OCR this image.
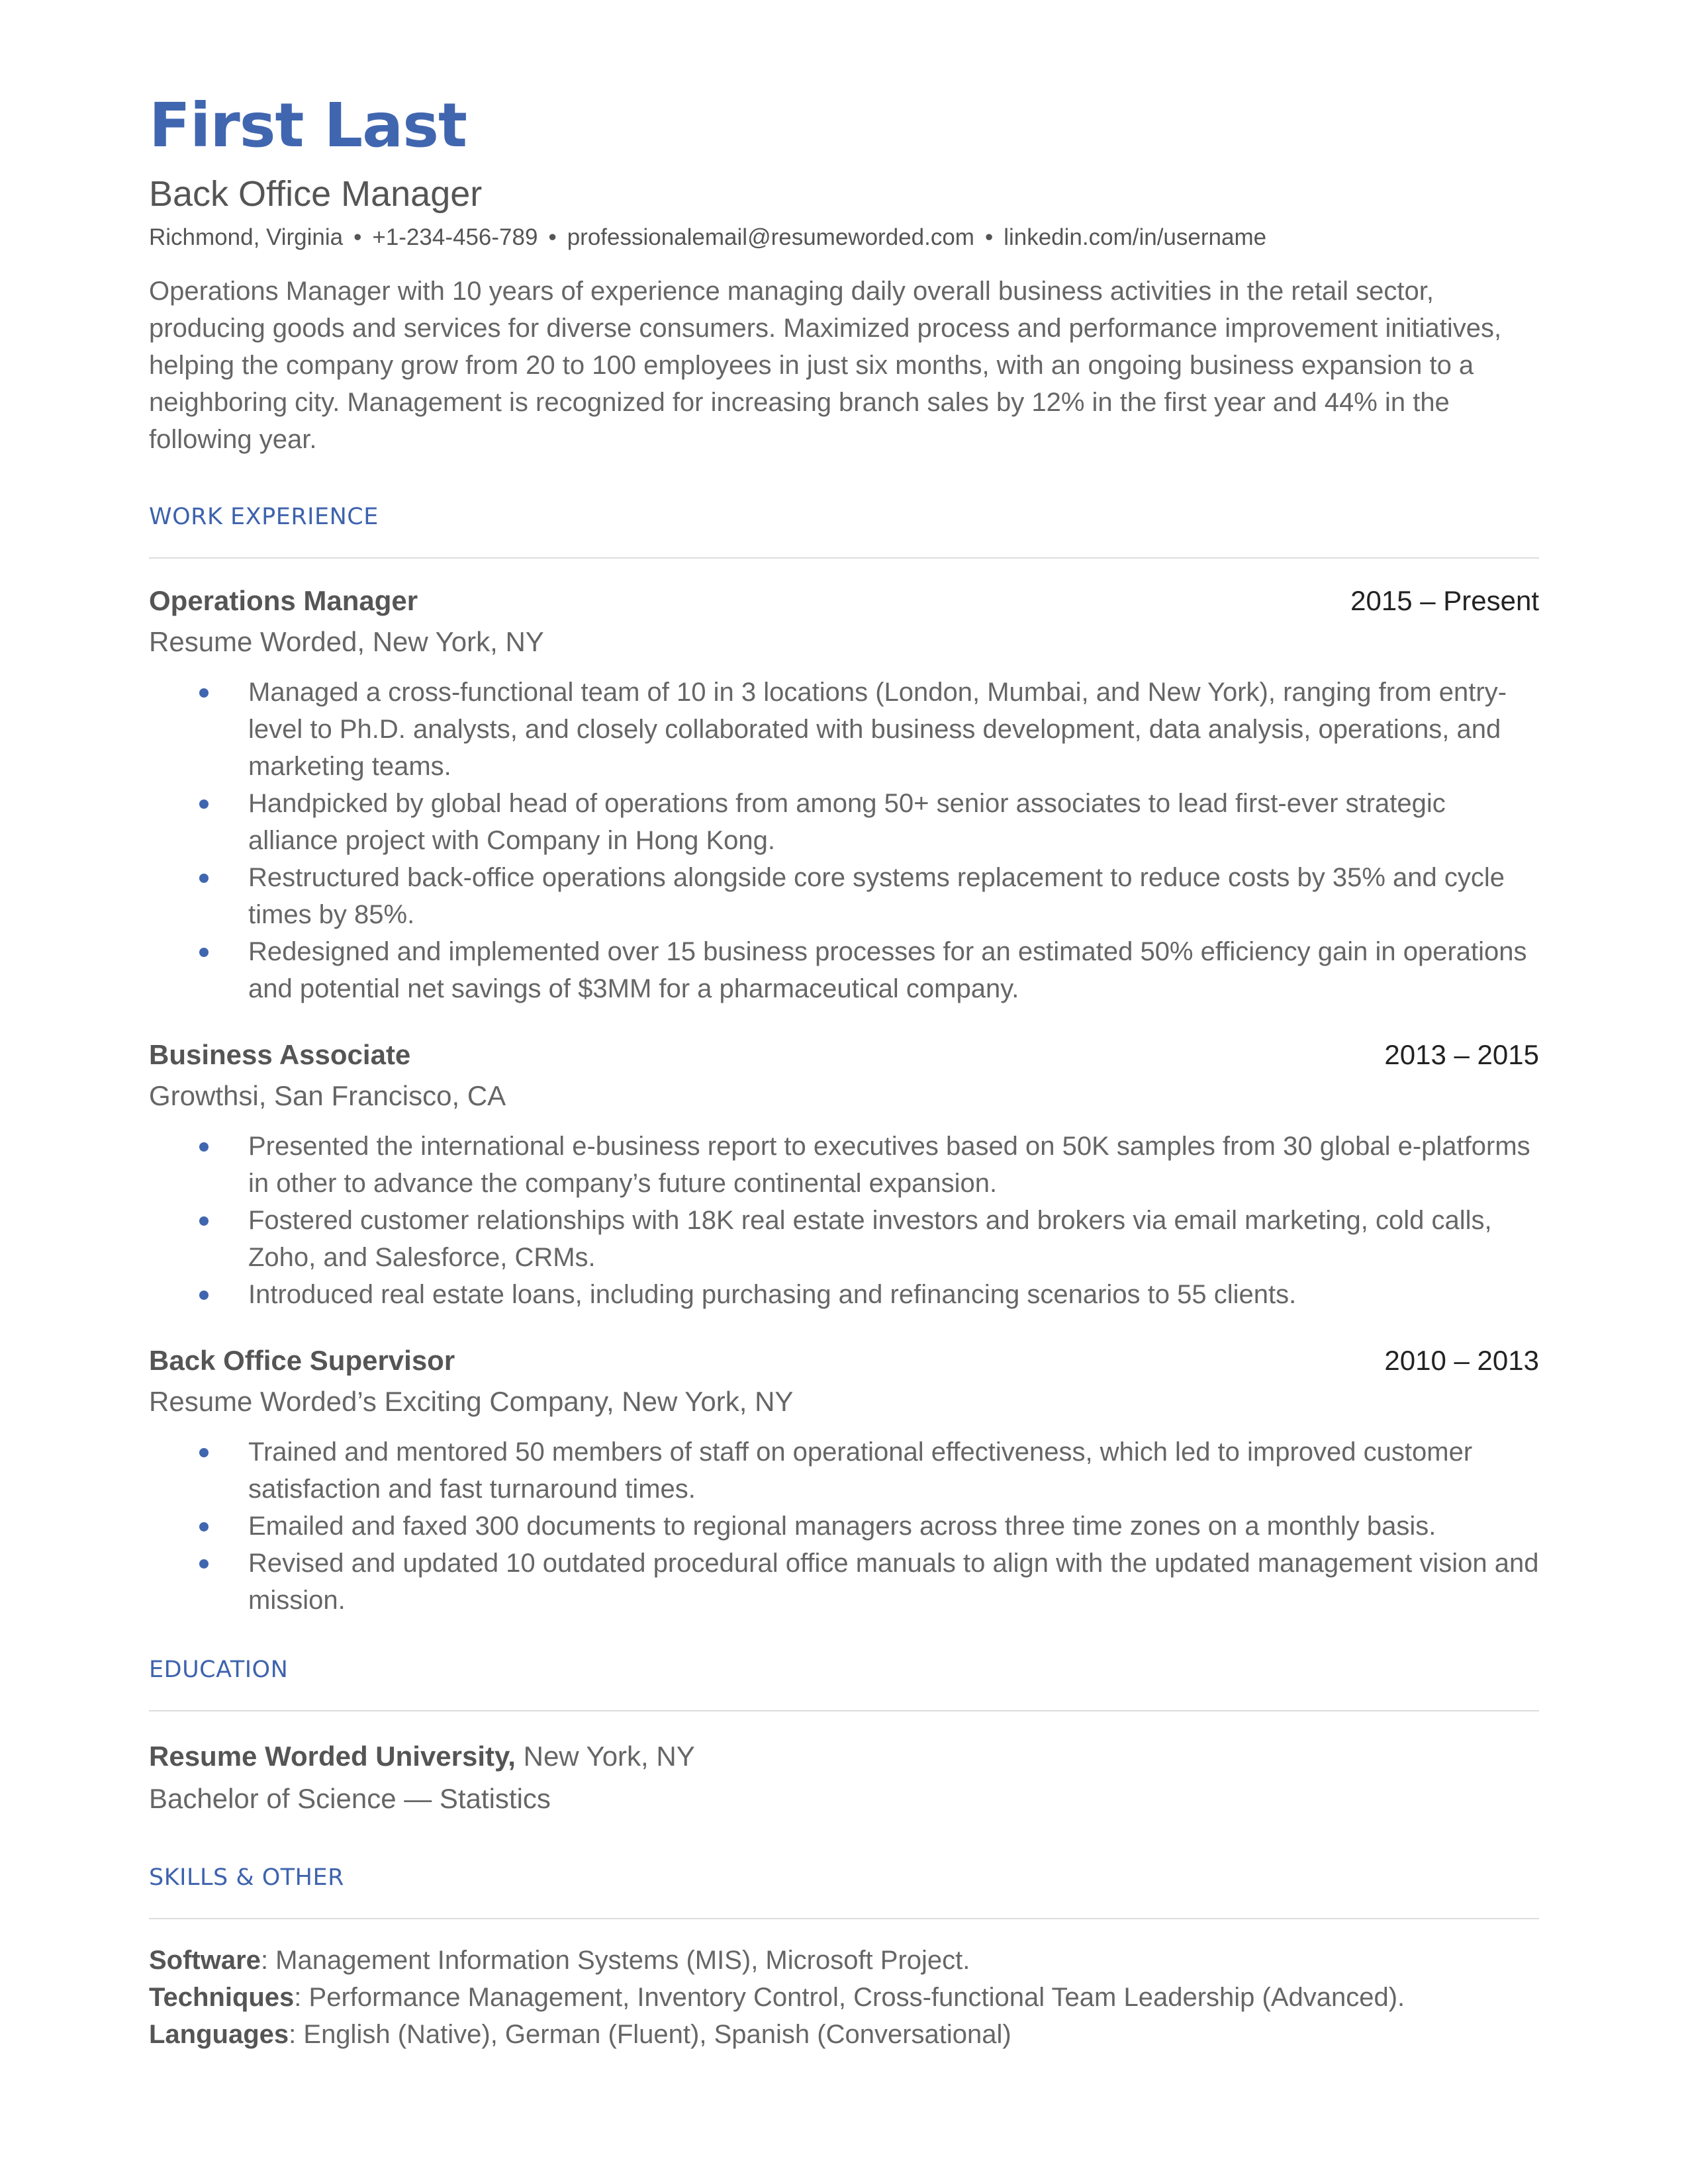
First Last
Back Office Manager
Richmond, Virginia • +1-234-456-789 • professionalemail@resumeworded.com • linkedin.com/in/username
Operations Manager with 10 years of experience managing daily overall business activities in the retail sector, producing goods and services for diverse consumers. Maximized process and performance improvement initiatives, helping the company grow from 20 to 100 employees in just six months, with an ongoing business expansion to a neighboring city. Management is recognized for increasing branch sales by 12% in the first year and 44% in the following year.
WORK EXPERIENCE
Operations Manager	2015 – Present
Resume Worded, New York, NY
Managed a cross-functional team of 10 in 3 locations (London, Mumbai, and New York), ranging from entry-level to Ph.D. analysts, and closely collaborated with business development, data analysis, operations, and marketing teams.
Handpicked by global head of operations from among 50+ senior associates to lead first-ever strategic alliance project with Company in Hong Kong.
Restructured back-office operations alongside core systems replacement to reduce costs by 35% and cycle times by 85%.
Redesigned and implemented over 15 business processes for an estimated 50% efficiency gain in operations and potential net savings of $3MM for a pharmaceutical company.
Business Associate	2013 – 2015
Growthsi, San Francisco, CA
Presented the international e-business report to executives based on 50K samples from 30 global e-platforms in other to advance the company’s future continental expansion.
Fostered customer relationships with 18K real estate investors and brokers via email marketing, cold calls, Zoho, and Salesforce, CRMs.
Introduced real estate loans, including purchasing and refinancing scenarios to 55 clients.
Back Office Supervisor	2010 – 2013
Resume Worded’s Exciting Company, New York, NY
Trained and mentored 50 members of staff on operational effectiveness, which led to improved customer satisfaction and fast turnaround times.
Emailed and faxed 300 documents to regional managers across three time zones on a monthly basis.
Revised and updated 10 outdated procedural office manuals to align with the updated management vision and mission.
EDUCATION
Resume Worded University, New York, NY
Bachelor of Science — Statistics
SKILLS & OTHER
Software: Management Information Systems (MIS), Microsoft Project.
Techniques: Performance Management, Inventory Control, Cross-functional Team Leadership (Advanced).
Languages: English (Native), German (Fluent), Spanish (Conversational)
